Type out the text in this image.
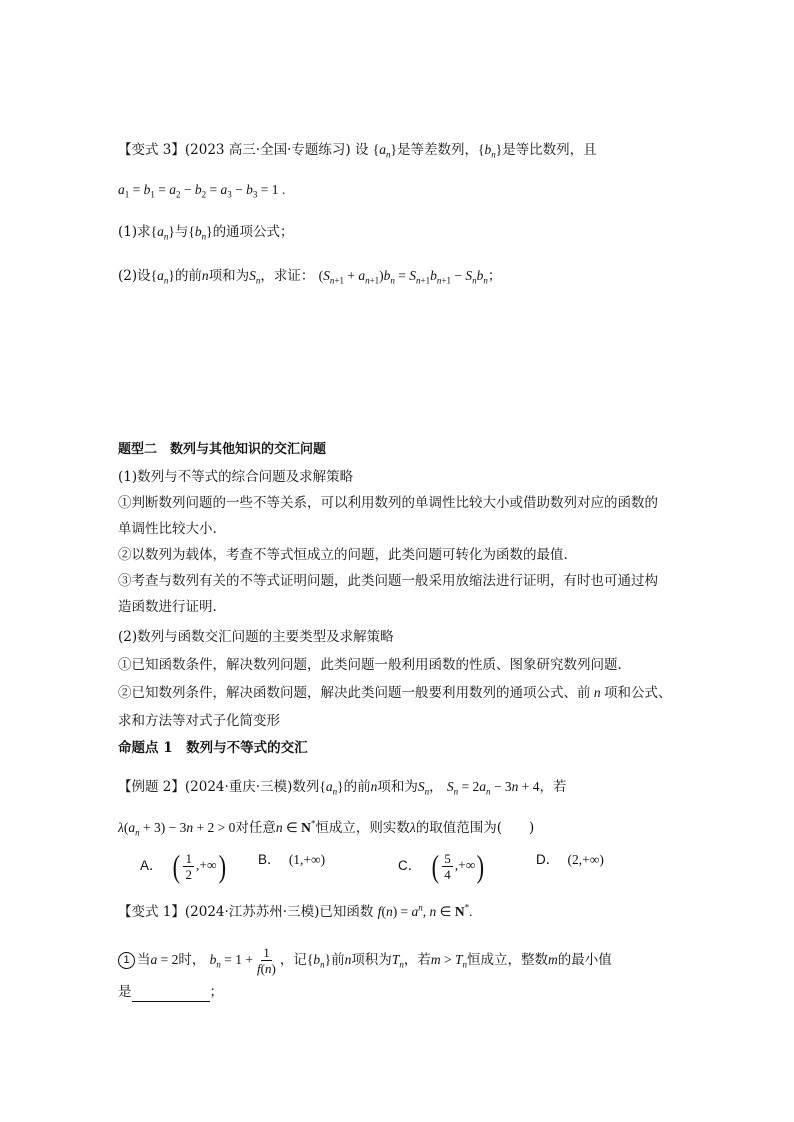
【变式 3】(2023 高三·全国·专题练习) 设 $\{a_n\}$是等差数列，$\{b_n\}$是等比数列，且
$a_1 = b_1 = a_2 - b_2 = a_3 - b_3 = 1$ .
(1)求$\{a_n\}$与$\{b_n\}$的通项公式；
(2)设$\{a_n\}$的前n项和为$S_n$，求证： $(S_{n+1} + a_{n+1})b_n = S_{n+1}b_{n+1} - S_nb_n$；
题型二　数列与其他知识的交汇问题
(1)数列与不等式的综合问题及求解策略
①判断数列问题的一些不等关系，可以利用数列的单调性比较大小或借助数列对应的函数的
单调性比较大小.
②以数列为载体，考查不等式恒成立的问题，此类问题可转化为函数的最值.
③考查与数列有关的不等式证明问题，此类问题一般采用放缩法进行证明，有时也可通过构
造函数进行证明.
(2)数列与函数交汇问题的主要类型及求解策略
①已知函数条件，解决数列问题，此类问题一般利用函数的性质、图象研究数列问题.
②已知数列条件，解决函数问题，解决此类问题一般要利用数列的通项公式、前 n 项和公式、
求和方法等对式子化简变形
命题点 1　数列与不等式的交汇
【例题 2】(2024·重庆·三模)数列$\{a_n\}$的前n项和为$S_n$， $S_n = 2a_n - 3n + 4$，若
$\lambda(a_n + 3) - 3n + 2 > 0$对任意n ∈ N*恒成立，则实数λ的取值范围为(　　)
A． ( $\frac{1}{2}$ ,+∞) B． (1,+∞)	C． ( $\frac{5}{4}$ ,+∞)	D． (2,+∞)
【变式 1】(2024·江苏苏州·三模)已知函数 $f(n) = a^n$, n ∈ N*.
1 当a = 2时， $b_n = 1 + \frac{1}{f(n)}$ ，记$\{b_n\}$前n项积为$T_n$，若$m > T_n$恒成立，整数m的最小值
是	；
